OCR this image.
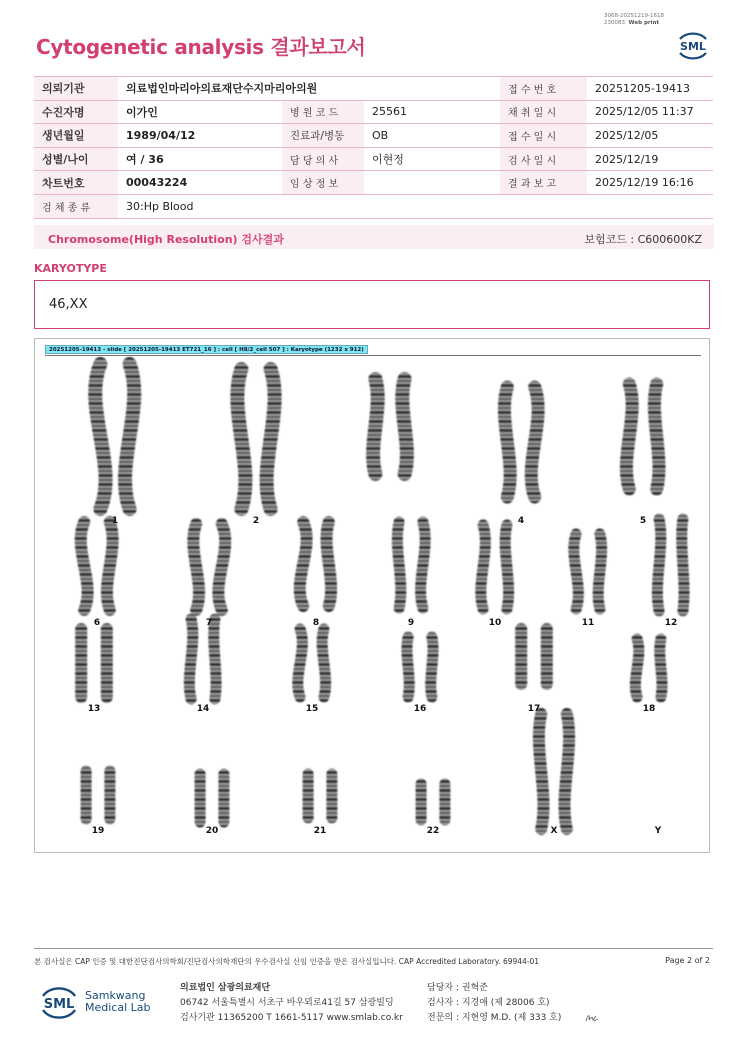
3068-20251219-1618
230083 Web print
Cytogenetic analysis 결과보고서	SML
의뢰기관	의료법인마리아의료재단수지마리아의원			접 수 번 호	20251205-19413
수진자명	이가인	병 원 코 드	25561	채 취 일 시	2025/12/05 11:37
생년월일	1989/04/12	진료과/병동	OB	접 수 일 시	2025/12/05
성별/나이	여 / 36	담 당 의 사	이현정	검 사 일 시	2025/12/19
차트번호	00043224	임 상 정 보		결 과 보 고	2025/12/19 16:16
검 체 종 류	30:Hp Blood				
Chromosome(High Resolution) 검사결과	보험코드 : C600600KZ
KARYOTYPE
46,XX
20251205-19413 - slide [ 20251205-19413 ET721_16 ] : cell [ H8/2_cell 507 ] : Karyotype (1232 x 912)
1	2	4	5
6	7	8	9	10	11	12
13	14	15	16	17	18
19	20	21	22	X	Y
본 검사실은 CAP 인증 및 대한진단검사의학회/진단검사의학재단의 우수검사실 신임 인증을 받은 검사실입니다. CAP Accredited Laboratory. 69944-01	Page 2 of 2
SML
Samkwang
Medical Lab
의료법인 삼광의료재단
06742 서울특별시 서초구 바우뫼로41길 57 삼광빌딩
검사기관 11365200 T 1661-5117 www.smlab.co.kr
담당자 : 권혁준
검사자 : 지경애 (제 28006 호)
전문의 : 지현영 M.D. (제 333 호)
